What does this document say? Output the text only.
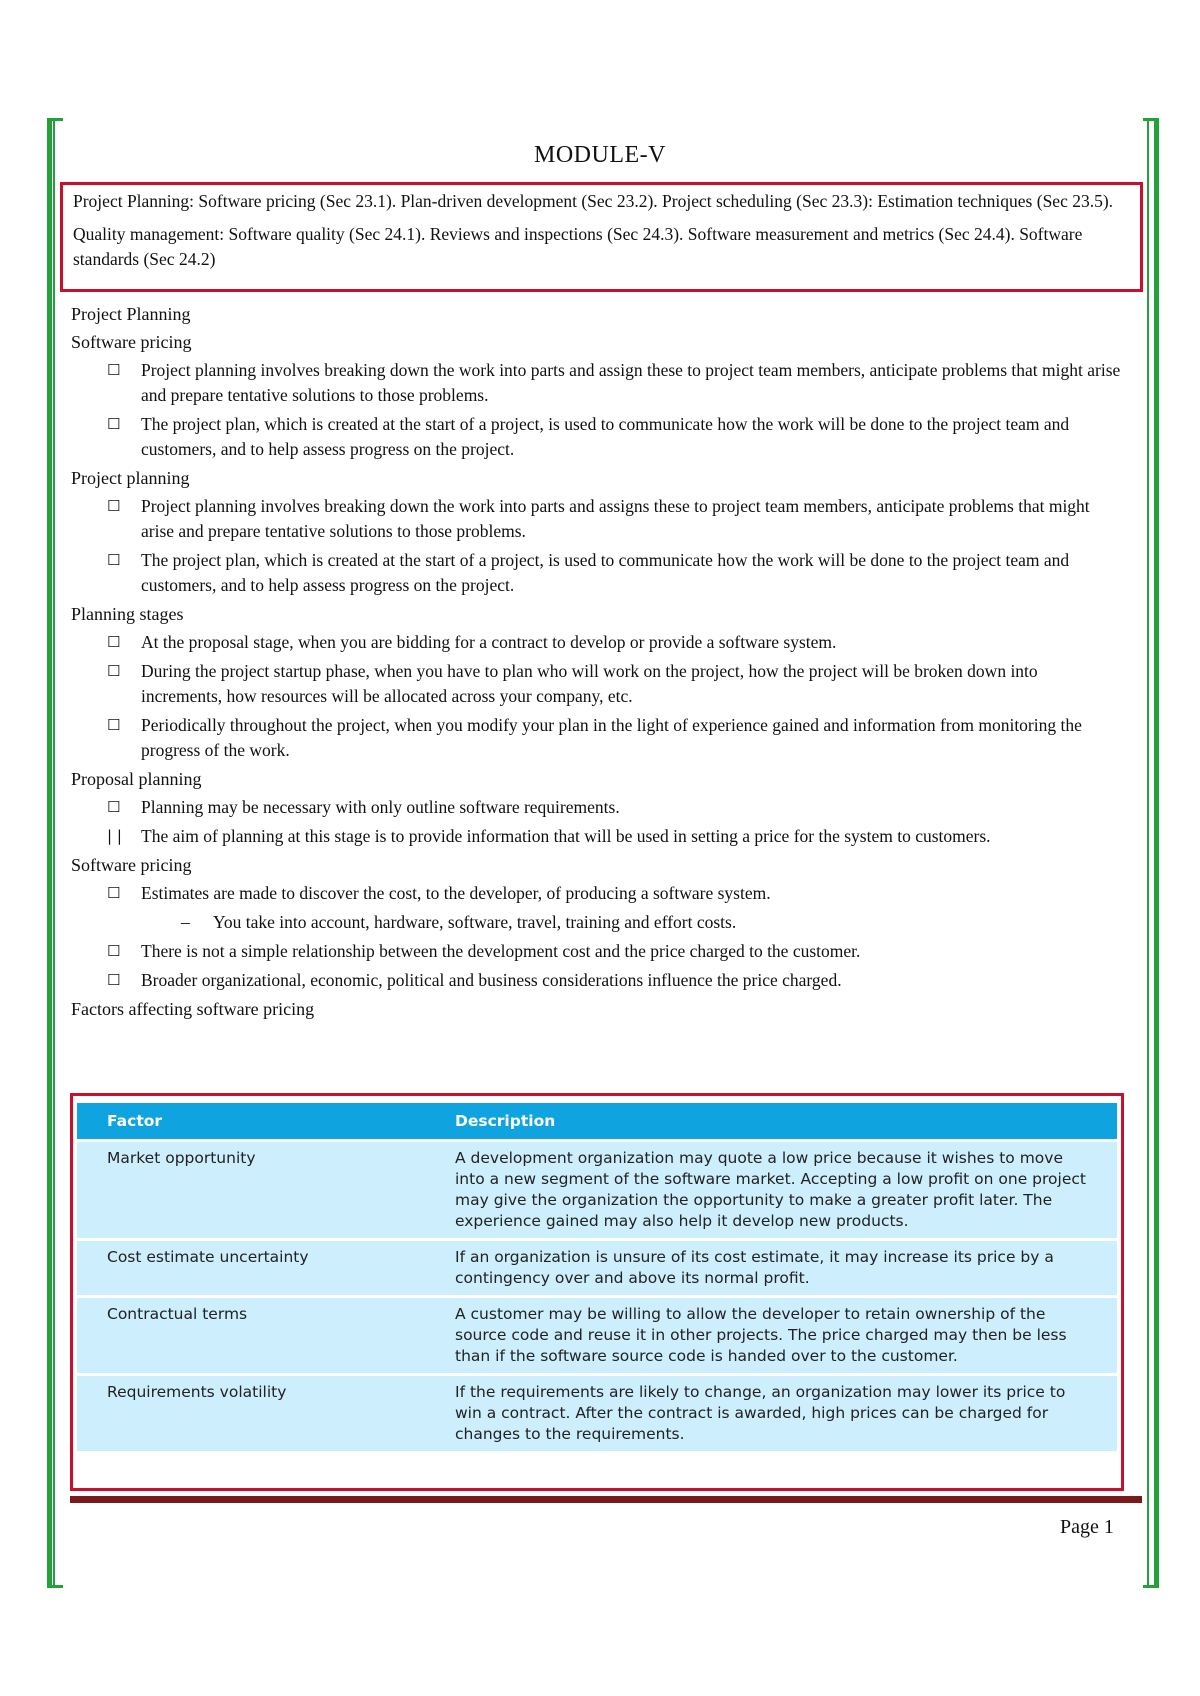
MODULE-V

Project Planning: Software pricing (Sec 23.1). Plan-driven development (Sec 23.2). Project scheduling (Sec 23.3): Estimation techniques (Sec 23.5).

Quality management: Software quality (Sec 24.1). Reviews and inspections (Sec 24.3). Software measurement and metrics (Sec 24.4). Software standards (Sec 24.2)

Project Planning
Software pricing
☐ Project planning involves breaking down the work into parts and assign these to project team members, anticipate problems that might arise and prepare tentative solutions to those problems.
☐ The project plan, which is created at the start of a project, is used to communicate how the work will be done to the project team and customers, and to help assess progress on the project.
Project planning
☐ Project planning involves breaking down the work into parts and assigns these to project team members, anticipate problems that might arise and prepare tentative solutions to those problems.
☐ The project plan, which is created at the start of a project, is used to communicate how the work will be done to the project team and customers, and to help assess progress on the project.
Planning stages
☐ At the proposal stage, when you are bidding for a contract to develop or provide a software system.
☐ During the project startup phase, when you have to plan who will work on the project, how the project will be broken down into increments, how resources will be allocated across your company, etc.
☐ Periodically throughout the project, when you modify your plan in the light of experience gained and information from monitoring the progress of the work.
Proposal planning
☐ Planning may be necessary with only outline software requirements.
| | The aim of planning at this stage is to provide information that will be used in setting a price for the system to customers.
Software pricing
☐ Estimates are made to discover the cost, to the developer, of producing a software system.
– You take into account, hardware, software, travel, training and effort costs.
☐ There is not a simple relationship between the development cost and the price charged to the customer.
☐ Broader organizational, economic, political and business considerations influence the price charged.
Factors affecting software pricing
Factor	Description
Market opportunity	A development organization may quote a low price because it wishes to move into a new segment of the software market. Accepting a low profit on one project may give the organization the opportunity to make a greater profit later. The experience gained may also help it develop new products.
Cost estimate uncertainty	If an organization is unsure of its cost estimate, it may increase its price by a contingency over and above its normal profit.
Contractual terms	A customer may be willing to allow the developer to retain ownership of the source code and reuse it in other projects. The price charged may then be less than if the software source code is handed over to the customer.
Requirements volatility	If the requirements are likely to change, an organization may lower its price to win a contract. After the contract is awarded, high prices can be charged for changes to the requirements.
Page 1
